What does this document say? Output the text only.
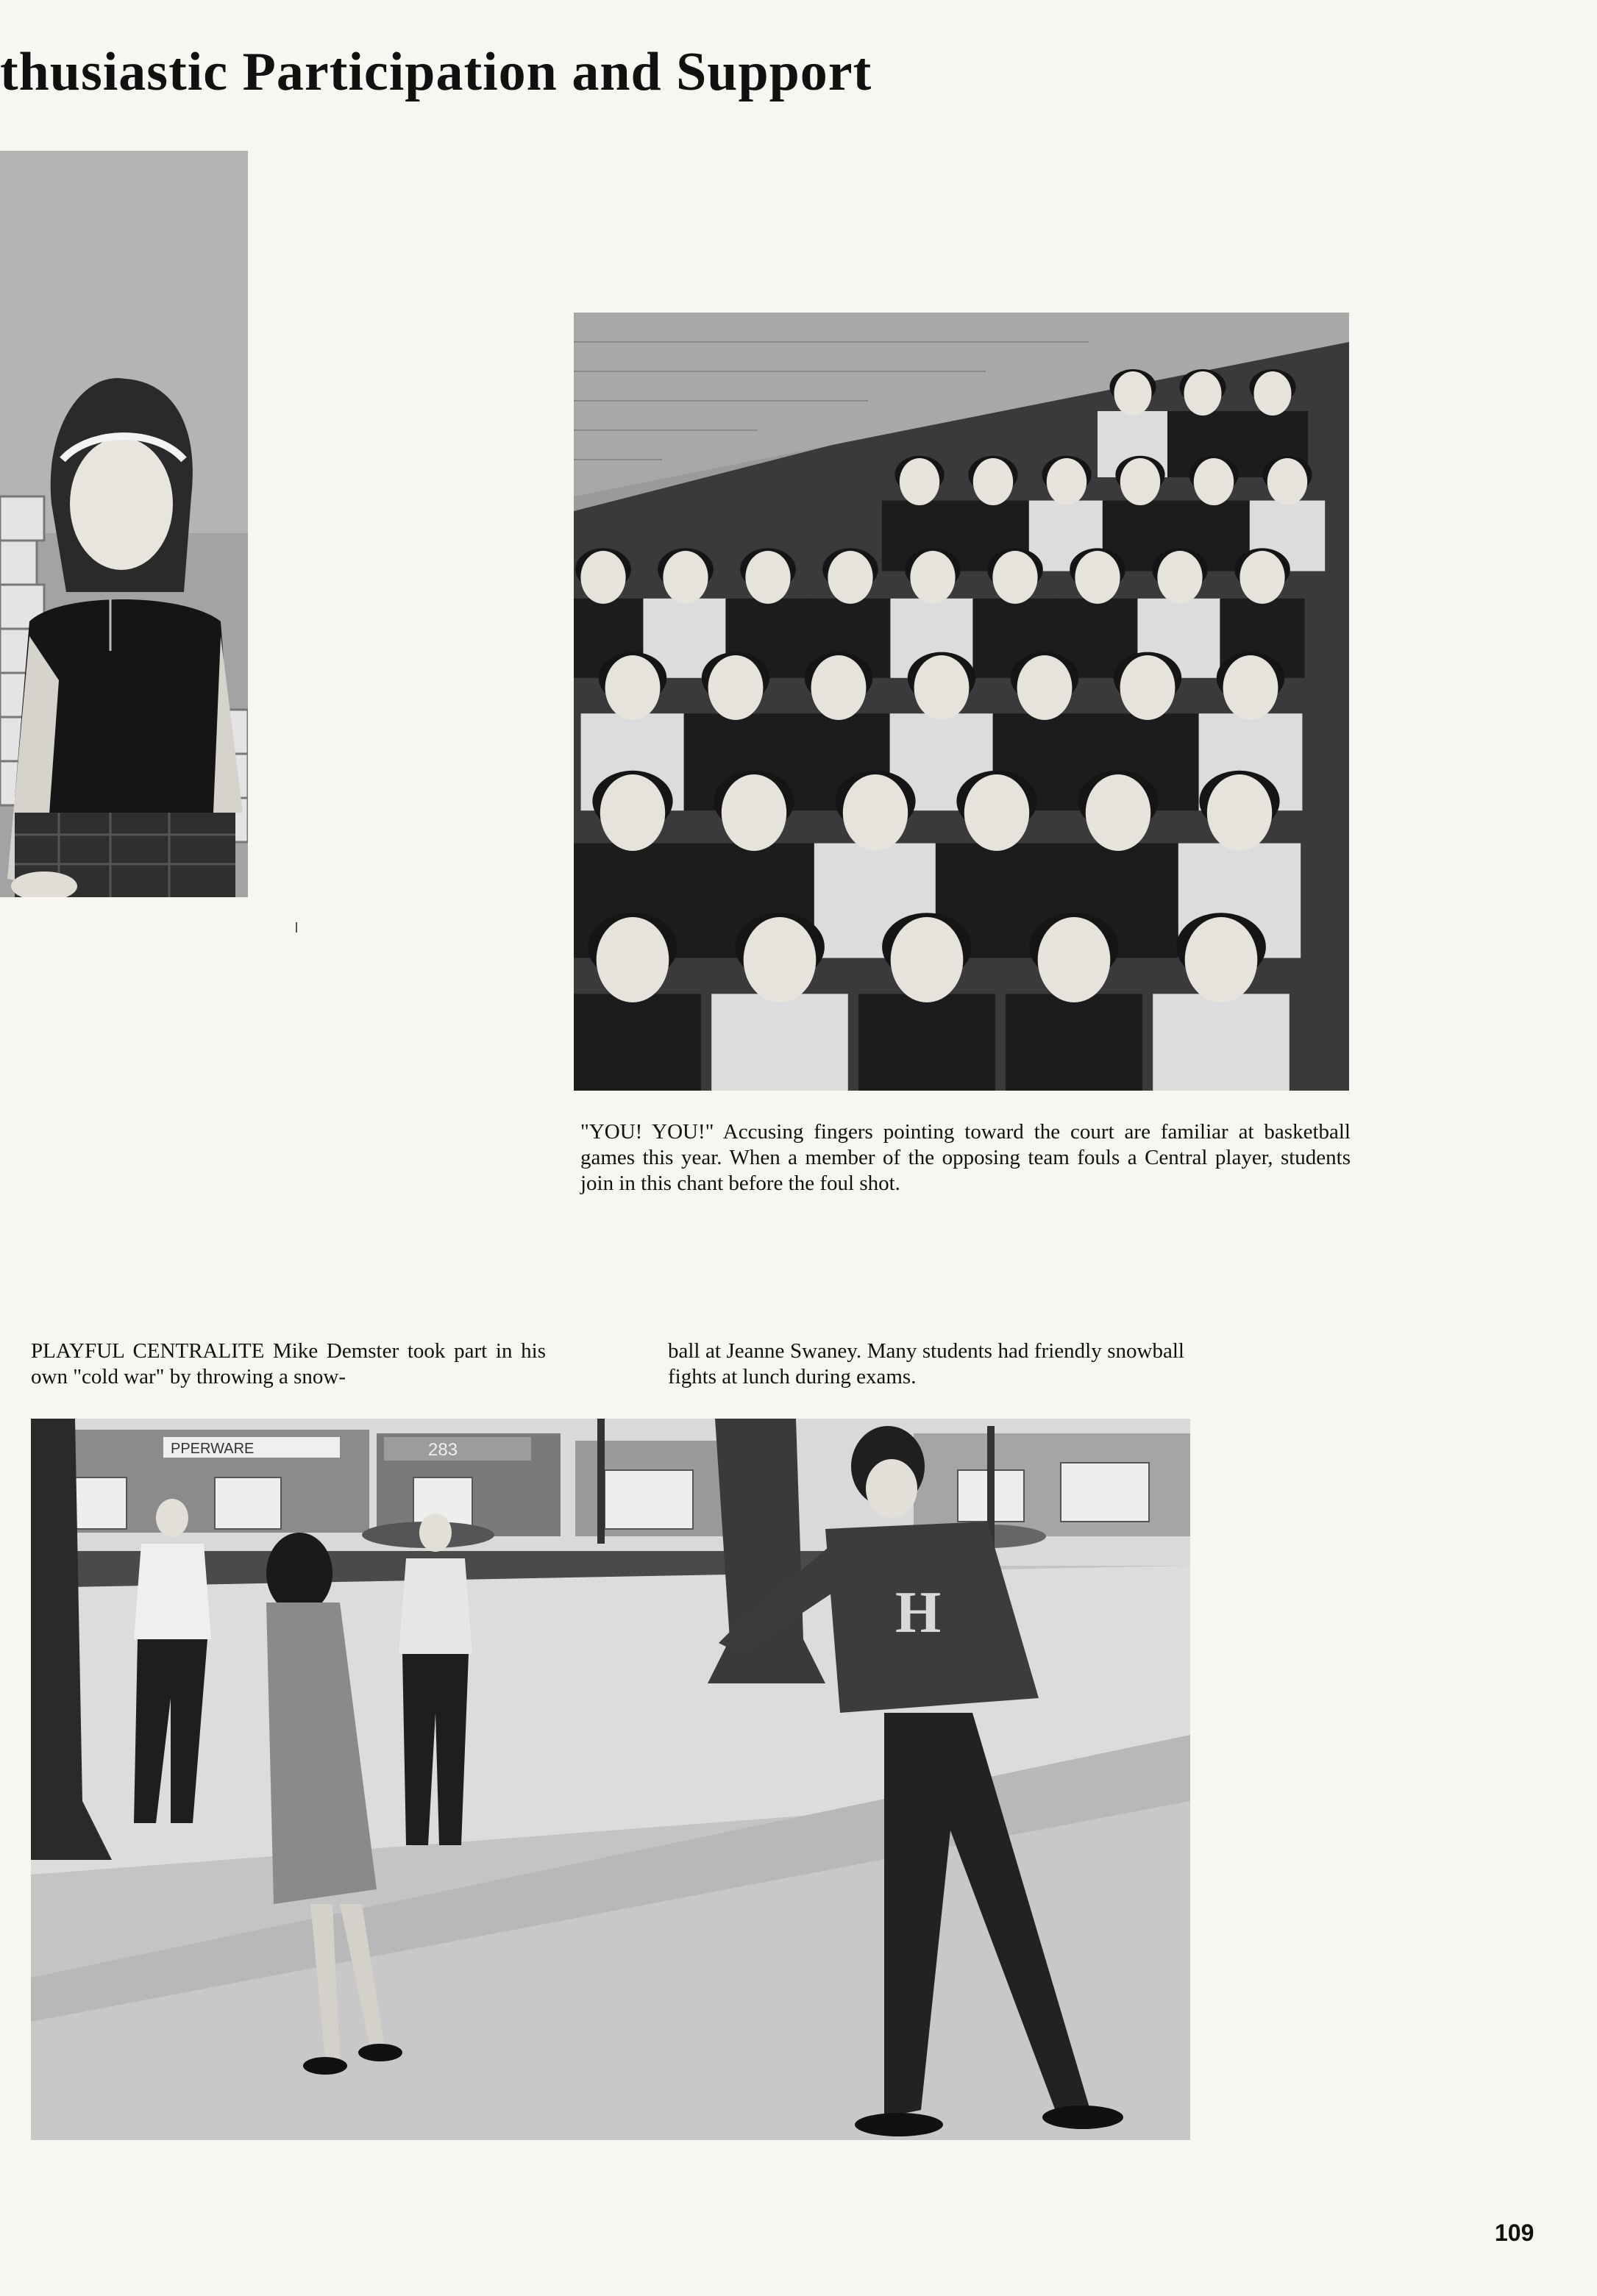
thusiastic Participation and Support

"YOU! YOU!" Accusing fingers pointing toward the court are familiar at basketball games this year. When a member of the opposing team fouls a Central player, students join in this chant before the foul shot.

PLAYFUL CENTRALITE Mike Demster took part in his own "cold war" by throwing a snow-

ball at Jeanne Swaney. Many students had friendly snowball fights at lunch during exams.

PPERWARE	283
H
109
